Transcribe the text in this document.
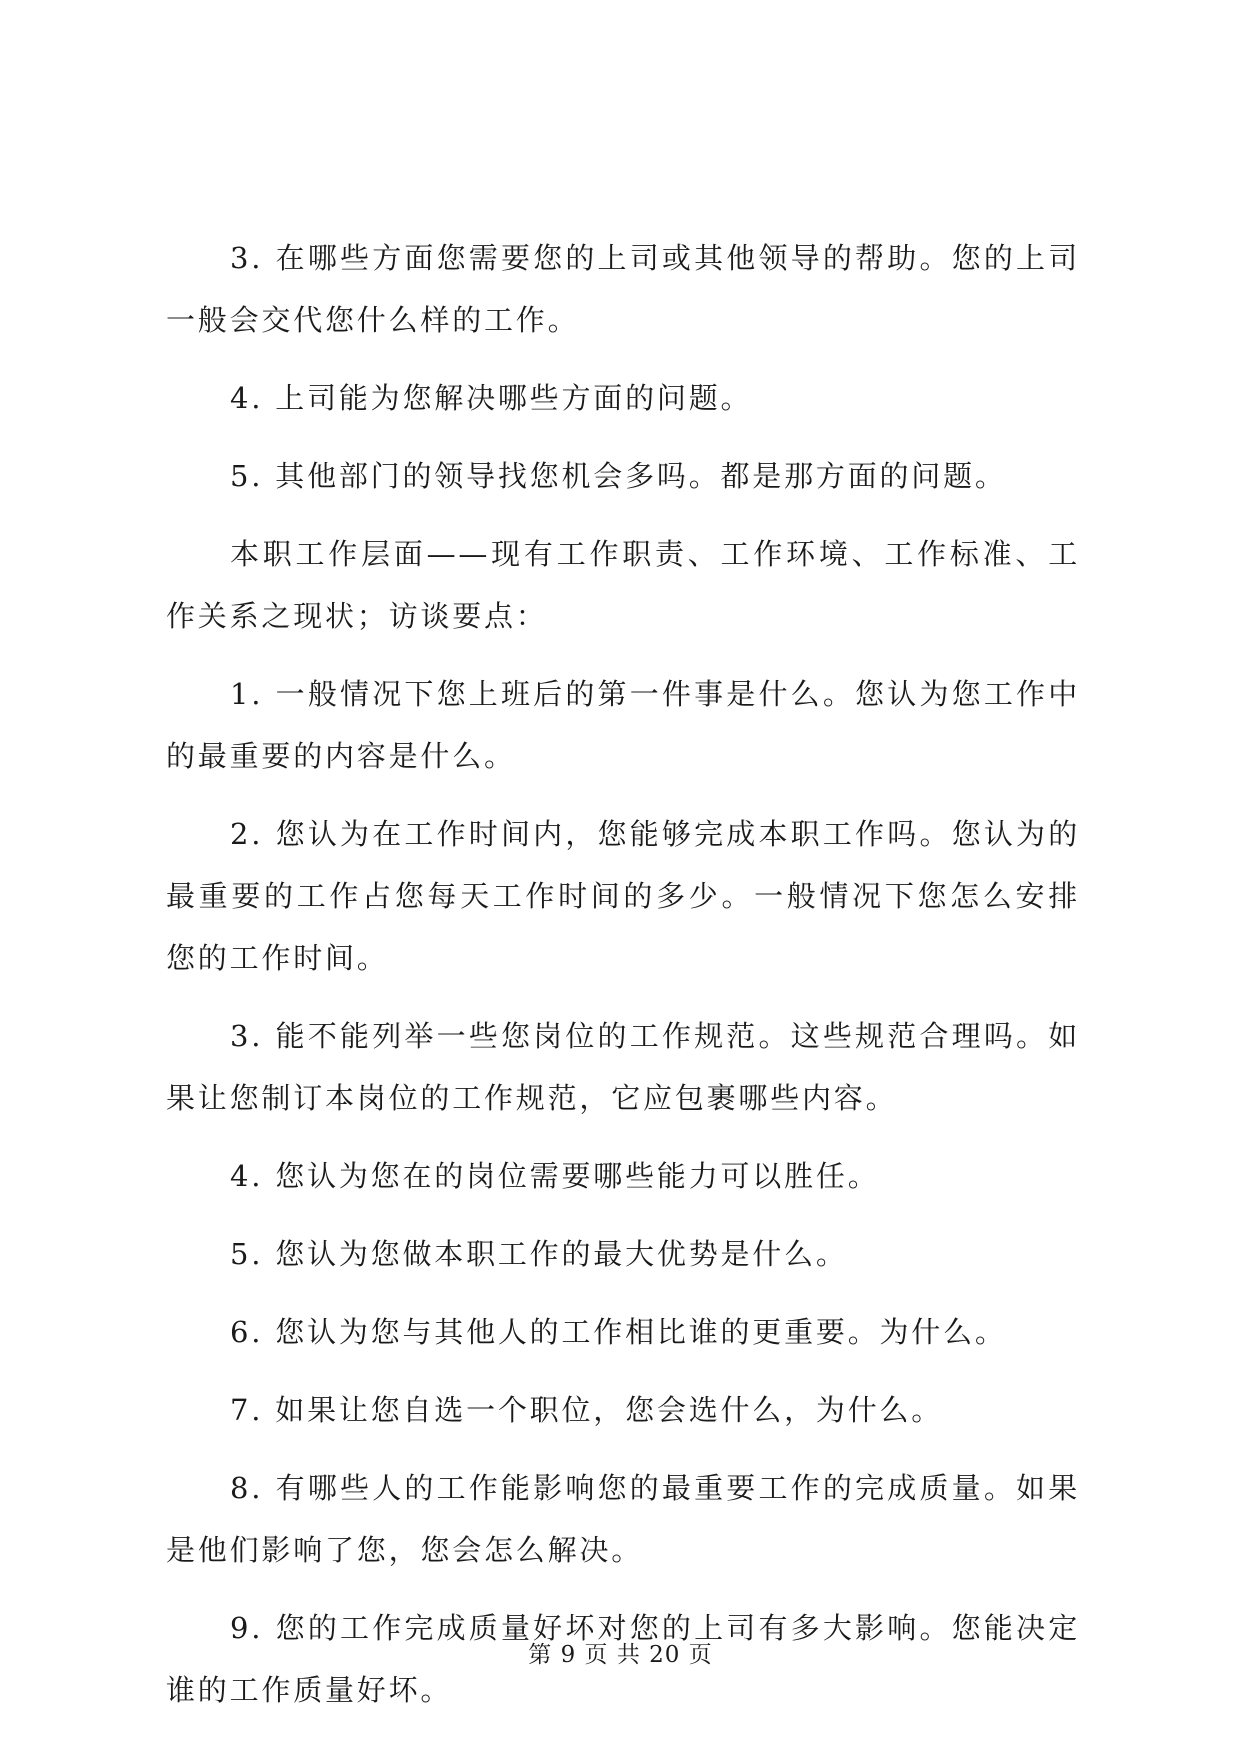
3. 在哪些方面您需要您的上司或其他领导的帮助。您的上司一般会交代您什么样的工作。

4. 上司能为您解决哪些方面的问题。

5. 其他部门的领导找您机会多吗。都是那方面的问题。

本职工作层面——现有工作职责、工作环境、工作标准、工作关系之现状；访谈要点：

1. 一般情况下您上班后的第一件事是什么。您认为您工作中的最重要的内容是什么。

2. 您认为在工作时间内，您能够完成本职工作吗。您认为的最重要的工作占您每天工作时间的多少。一般情况下您怎么安排您的工作时间。

3. 能不能列举一些您岗位的工作规范。这些规范合理吗。如果让您制订本岗位的工作规范，它应包裹哪些内容。

4. 您认为您在的岗位需要哪些能力可以胜任。

5. 您认为您做本职工作的最大优势是什么。

6. 您认为您与其他人的工作相比谁的更重要。为什么。

7. 如果让您自选一个职位，您会选什么，为什么。

8. 有哪些人的工作能影响您的最重要工作的完成质量。如果是他们影响了您，您会怎么解决。

9. 您的工作完成质量好坏对您的上司有多大影响。您能决定谁的工作质量好坏。

第 9 页 共 20 页
